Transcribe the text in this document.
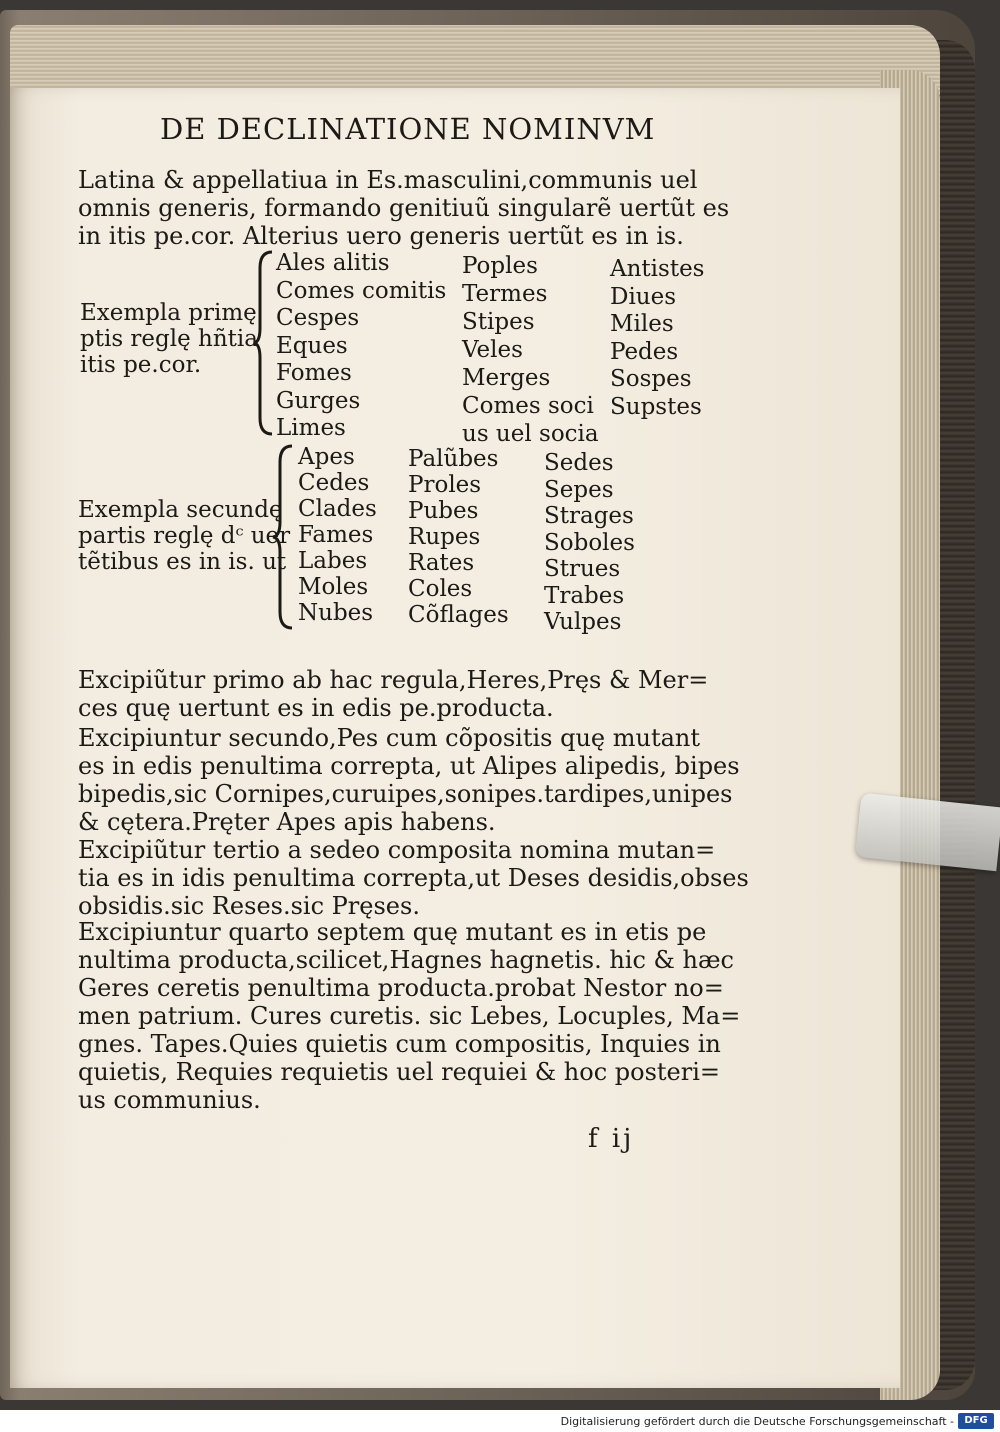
DE DECLINATIONE NOMINVM
Latina & appellatiua in Es.masculini,communis uel
omnis generis, formando genitiuũ singularẽ uertũt es
in itis pe.cor. Alterius uero generis uertũt es in is.
Exempla primę
ptis reglę hñtia
itis pe.cor.
Ales alitis
Comes comitis
Cespes
Eques
Fomes
Gurges
Limes
Poples
Termes
Stipes
Veles
Merges
Comes soci
us uel socia
Antistes
Diues
Miles
Pedes
Sospes
Supstes
Exempla secundę
partis reglę dᶜ uer
tẽtibus es in is. ut
Apes
Cedes
Clades
Fames
Labes
Moles
Nubes
Palũbes
Proles
Pubes
Rupes
Rates
Coles
Cõflages
Sedes
Sepes
Strages
Soboles
Strues
Trabes
Vulpes
Excipiũtur primo ab hac regula,Heres,Pręs & Mer=
ces quę uertunt es in edis pe.producta.
Excipiuntur secundo,Pes cum cõpositis quę mutant
es in edis penultima correpta, ut Alipes alipedis, bipes
bipedis,sic Cornipes,curuipes,sonipes.tardipes,unipes
& cętera.Pręter Apes apis habens.
Excipiũtur tertio a sedeo composita nomina mutan=
tia es in idis penultima correpta,ut Deses desidis,obses
obsidis.sic Reses.sic Pręses.
Excipiuntur quarto septem quę mutant es in etis pe
nultima producta,scilicet,Hagnes hagnetis. hic & hæc
Geres ceretis penultima producta.probat Nestor no=
men patrium. Cures curetis. sic Lebes, Locuples, Ma=
gnes. Tapes.Quies quietis cum compositis, Inquies in
quietis, Requies requietis uel requiei & hoc posteri=
us communius.
f ij
Digitalisierung gefördert durch die Deutsche Forschungsgemeinschaft -	DFG
